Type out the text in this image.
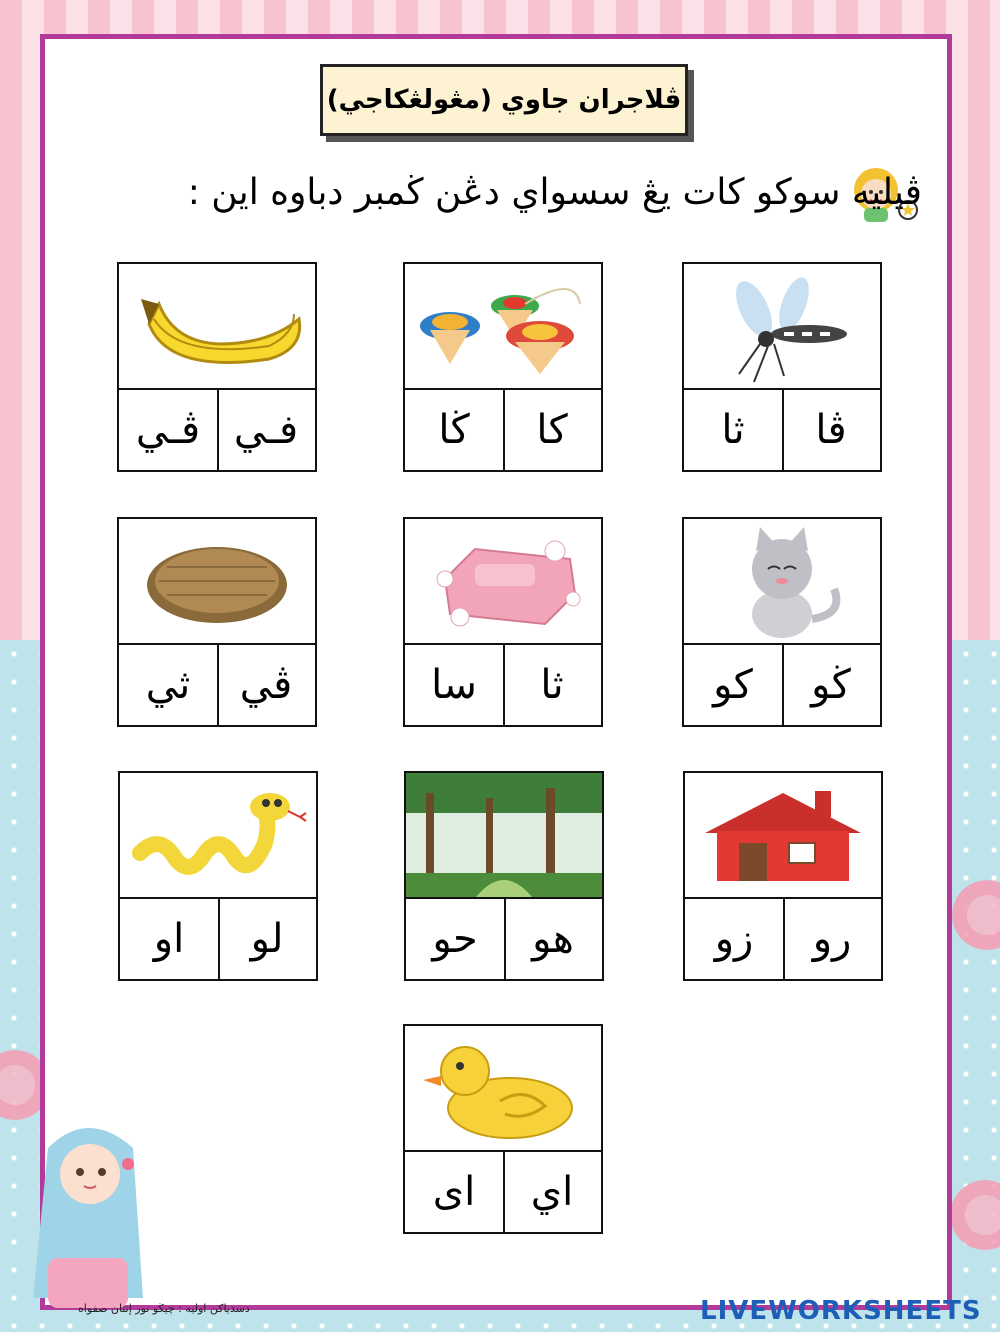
ڤلاجران جاوي (مڠولڠكاجي)
ڤيليه سوكو كات يڠ سسواي دڠن ڬمبر دباوه اين :
فـي
ڤـي	كا
ڬا	ڤا
ثا
ڤي
ثي	ثا
سا	ڬو
كو
لو
او	هو
حو	رو
زو
اي
اى
دسدياكن اوليه : چيڬو نور إنتان صفواه	LIVEWORKSHEETS
